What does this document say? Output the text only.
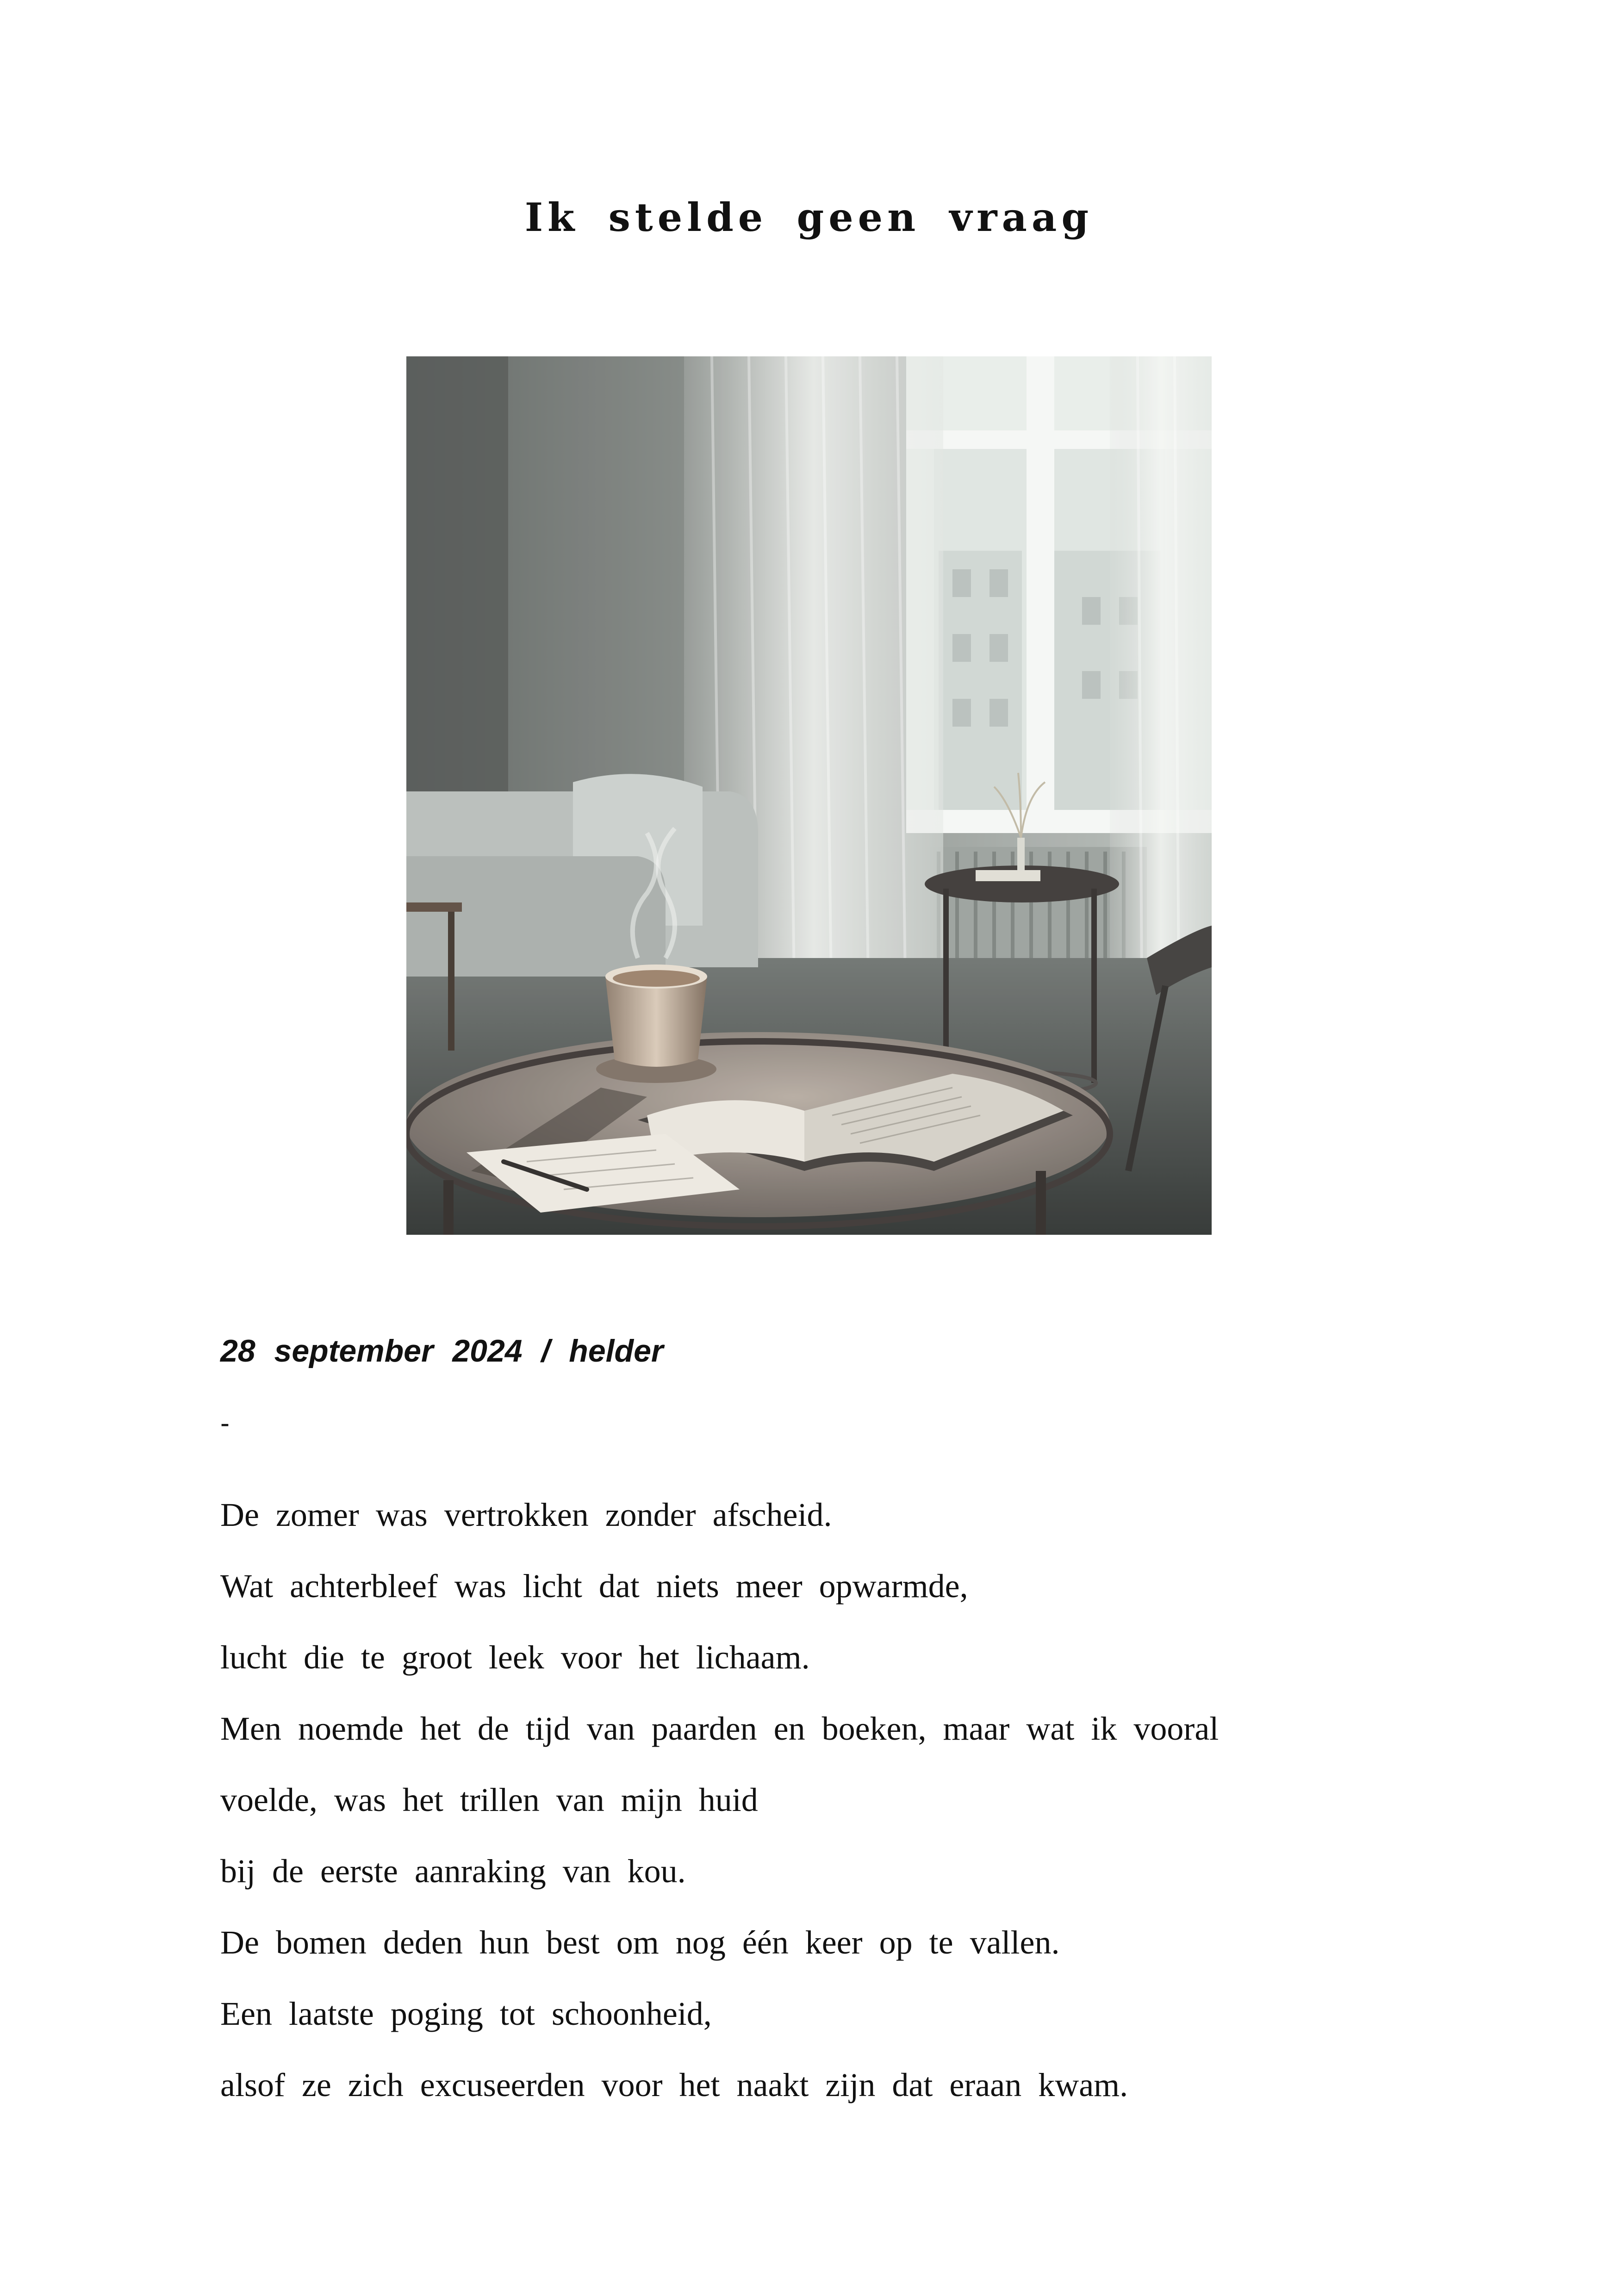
Ik stelde geen vraag
28 september 2024 / helder
-
De zomer was vertrokken zonder afscheid.
Wat achterbleef was licht dat niets meer opwarmde,
lucht die te groot leek voor het lichaam.
Men noemde het de tijd van paarden en boeken, maar wat ik vooral
voelde, was het trillen van mijn huid
bij de eerste aanraking van kou.
De bomen deden hun best om nog één keer op te vallen.
Een laatste poging tot schoonheid,
alsof ze zich excuseerden voor het naakt zijn dat eraan kwam.
